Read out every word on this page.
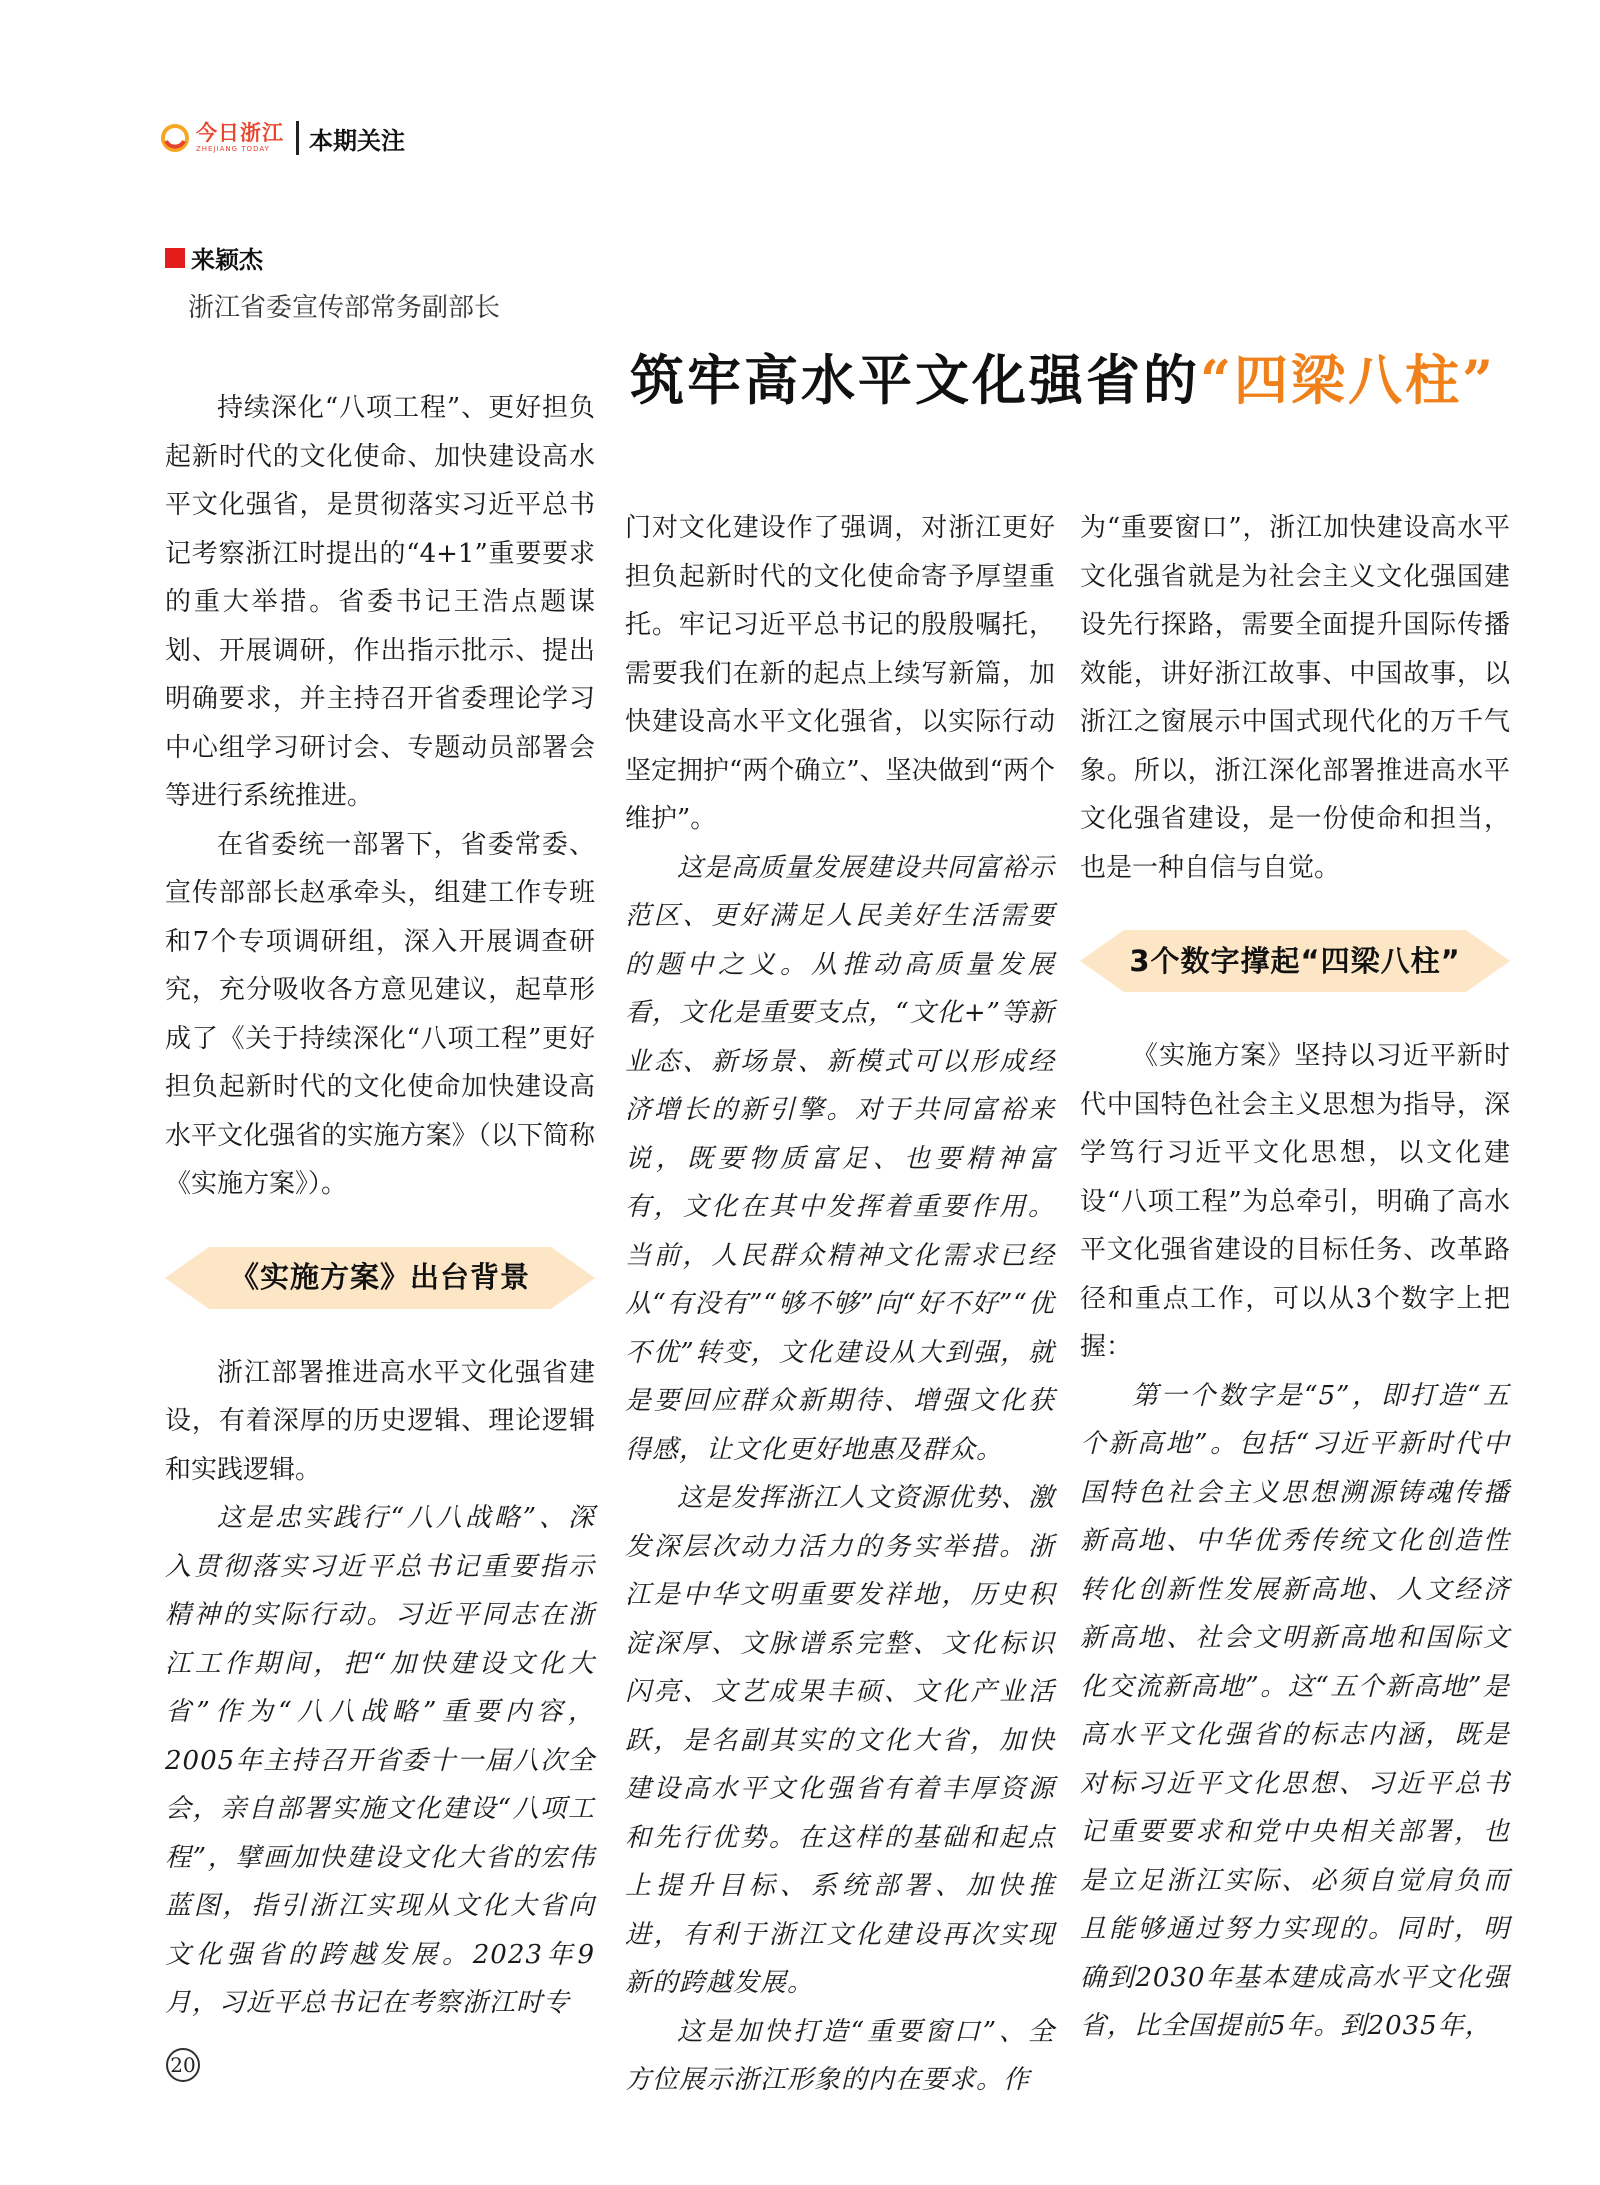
今日浙江
ZHEJIANG TODAY	本期关注
来颖杰
浙江省委宣传部常务副部长
筑牢高水平文化强省的“四梁八柱”

持续深化“八项工程”、更好担负起新时代的文化使命、加快建设高水平文化强省，是贯彻落实习近平总书记考察浙江时提出的“4+1”重要要求的重大举措。省委书记王浩点题谋划、开展调研，作出指示批示、提出明确要求，并主持召开省委理论学习中心组学习研讨会、专题动员部署会等进行系统推进。

在省委统一部署下，省委常委、宣传部部长赵承牵头，组建工作专班和7个专项调研组，深入开展调查研究，充分吸收各方意见建议，起草形成了《关于持续深化“八项工程”更好担负起新时代的文化使命加快建设高水平文化强省的实施方案》（以下简称《实施方案》）。

《实施方案》出台背景

浙江部署推进高水平文化强省建设，有着深厚的历史逻辑、理论逻辑和实践逻辑。

这是忠实践行“八八战略”、深入贯彻落实习近平总书记重要指示精神的实际行动。习近平同志在浙江工作期间，把“加快建设文化大省”作为“八八战略”重要内容，2005年主持召开省委十一届八次全会，亲自部署实施文化建设“八项工程”，擘画加快建设文化大省的宏伟蓝图，指引浙江实现从文化大省向文化强省的跨越发展。2023年9月，习近平总书记在考察浙江时专

门对文化建设作了强调，对浙江更好担负起新时代的文化使命寄予厚望重托。牢记习近平总书记的殷殷嘱托，需要我们在新的起点上续写新篇，加快建设高水平文化强省，以实际行动坚定拥护“两个确立”、坚决做到“两个维护”。

这是高质量发展建设共同富裕示范区、更好满足人民美好生活需要的题中之义。从推动高质量发展看，文化是重要支点，“文化+”等新业态、新场景、新模式可以形成经济增长的新引擎。对于共同富裕来说，既要物质富足、也要精神富有，文化在其中发挥着重要作用。当前，人民群众精神文化需求已经从“有没有”“够不够”向“好不好”“优不优”转变，文化建设从大到强，就是要回应群众新期待、增强文化获得感，让文化更好地惠及群众。

这是发挥浙江人文资源优势、激发深层次动力活力的务实举措。浙江是中华文明重要发祥地，历史积淀深厚、文脉谱系完整、文化标识闪亮、文艺成果丰硕、文化产业活跃，是名副其实的文化大省，加快建设高水平文化强省有着丰厚资源和先行优势。在这样的基础和起点上提升目标、系统部署、加快推进，有利于浙江文化建设再次实现新的跨越发展。

这是加快打造“重要窗口”、全方位展示浙江形象的内在要求。作

为“重要窗口”，浙江加快建设高水平文化强省就是为社会主义文化强国建设先行探路，需要全面提升国际传播效能，讲好浙江故事、中国故事，以浙江之窗展示中国式现代化的万千气象。所以，浙江深化部署推进高水平文化强省建设，是一份使命和担当，也是一种自信与自觉。

3个数字撑起“四梁八柱”

《实施方案》坚持以习近平新时代中国特色社会主义思想为指导，深学笃行习近平文化思想，以文化建设“八项工程”为总牵引，明确了高水平文化强省建设的目标任务、改革路径和重点工作，可以从3个数字上把握：

第一个数字是“5”，即打造“五个新高地”。包括“习近平新时代中国特色社会主义思想溯源铸魂传播新高地、中华优秀传统文化创造性转化创新性发展新高地、人文经济新高地、社会文明新高地和国际文化交流新高地”。这“五个新高地”是高水平文化强省的标志内涵，既是对标习近平文化思想、习近平总书记重要要求和党中央相关部署，也是立足浙江实际、必须自觉肩负而且能够通过努力实现的。同时，明确到2030年基本建成高水平文化强省，比全国提前5年。到2035年，

20
